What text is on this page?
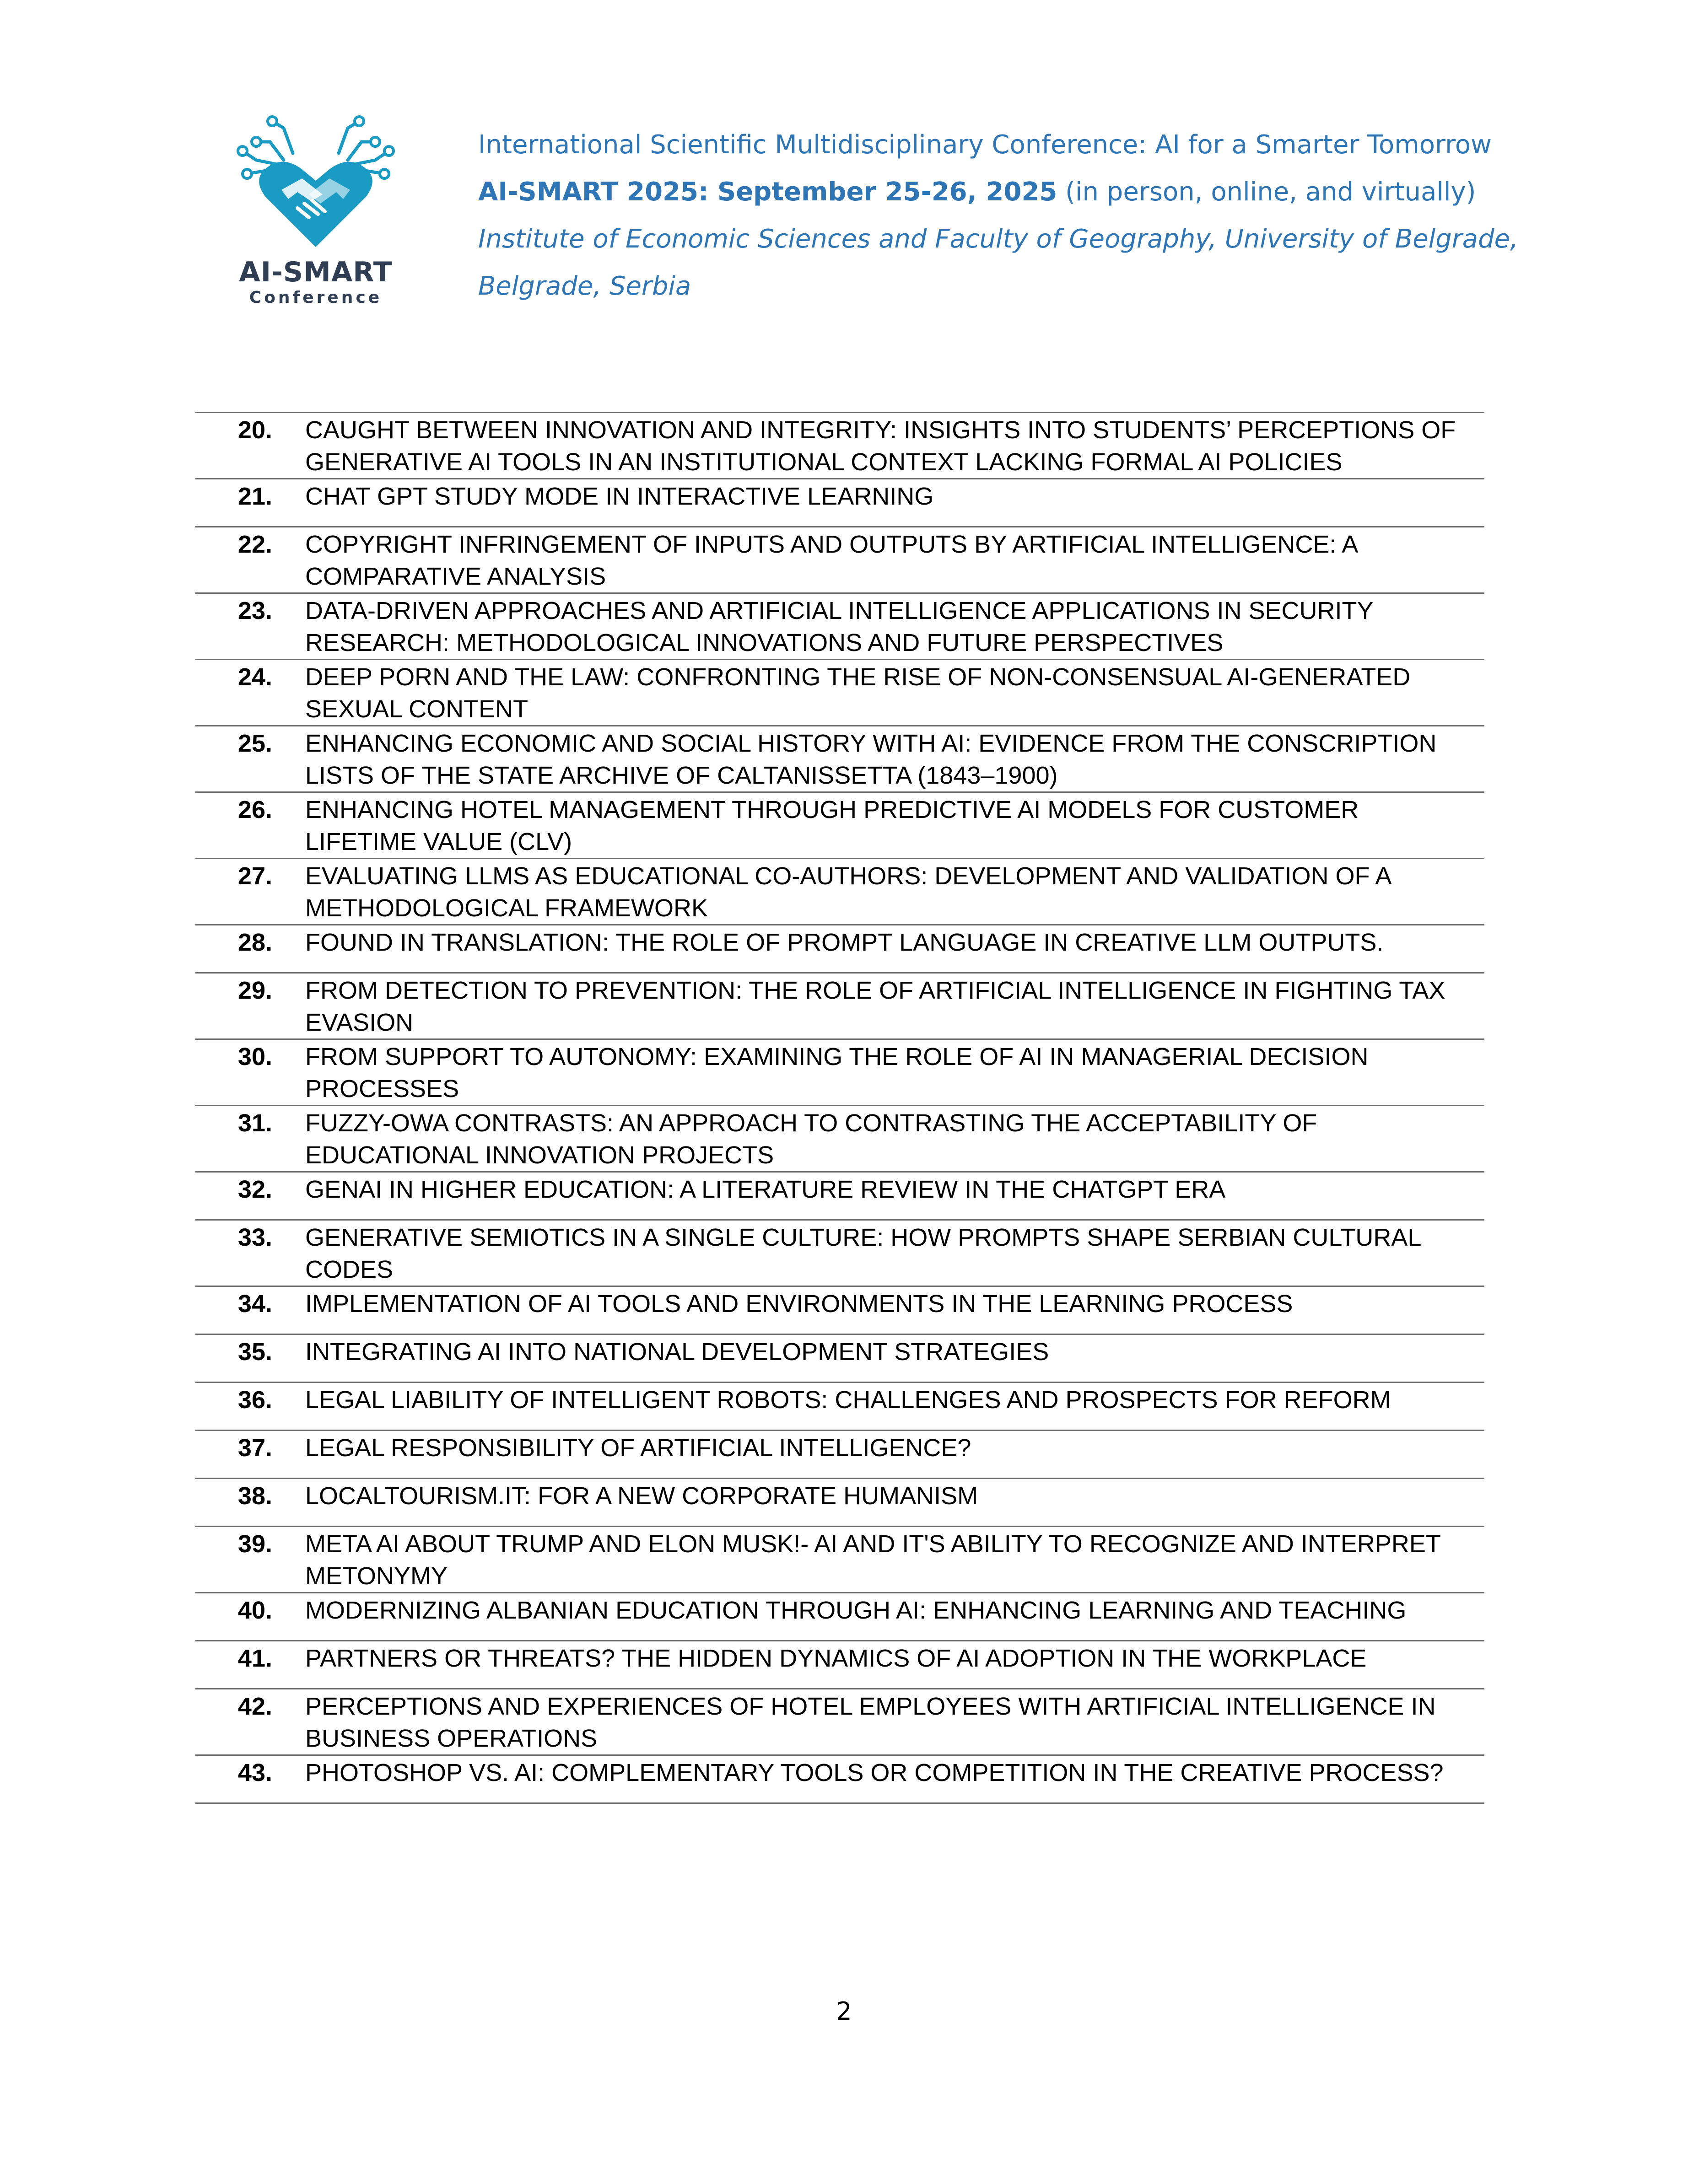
AI-SMART
Conference
International Scientific Multidisciplinary Conference: AI for a Smarter Tomorrow
AI-SMART 2025: September 25-26, 2025 (in person, online, and virtually)
Institute of Economic Sciences and Faculty of Geography, University of Belgrade,
Belgrade, Serbia
20.	CAUGHT BETWEEN INNOVATION AND INTEGRITY: INSIGHTS INTO STUDENTS’ PERCEPTIONS OF GENERATIVE AI TOOLS IN AN INSTITUTIONAL CONTEXT LACKING FORMAL AI POLICIES
21.	CHAT GPT STUDY MODE IN INTERACTIVE LEARNING
22.	COPYRIGHT INFRINGEMENT OF INPUTS AND OUTPUTS BY ARTIFICIAL INTELLIGENCE: A COMPARATIVE ANALYSIS
23.	DATA-DRIVEN APPROACHES AND ARTIFICIAL INTELLIGENCE APPLICATIONS IN SECURITY RESEARCH: METHODOLOGICAL INNOVATIONS AND FUTURE PERSPECTIVES
24.	DEEP PORN AND THE LAW: CONFRONTING THE RISE OF NON-CONSENSUAL AI-GENERATED SEXUAL CONTENT
25.	ENHANCING ECONOMIC AND SOCIAL HISTORY WITH AI: EVIDENCE FROM THE CONSCRIPTION LISTS OF THE STATE ARCHIVE OF CALTANISSETTA (1843–1900)
26.	ENHANCING HOTEL MANAGEMENT THROUGH PREDICTIVE AI MODELS FOR CUSTOMER LIFETIME VALUE (CLV)
27.	EVALUATING LLMS AS EDUCATIONAL CO-AUTHORS: DEVELOPMENT AND VALIDATION OF A METHODOLOGICAL FRAMEWORK
28.	FOUND IN TRANSLATION: THE ROLE OF PROMPT LANGUAGE IN CREATIVE LLM OUTPUTS.
29.	FROM DETECTION TO PREVENTION: THE ROLE OF ARTIFICIAL INTELLIGENCE IN FIGHTING TAX EVASION
30.	FROM SUPPORT TO AUTONOMY: EXAMINING THE ROLE OF AI IN MANAGERIAL DECISION PROCESSES
31.	FUZZY-OWA CONTRASTS: AN APPROACH TO CONTRASTING THE ACCEPTABILITY OF EDUCATIONAL INNOVATION PROJECTS
32.	GENAI IN HIGHER EDUCATION: A LITERATURE REVIEW IN THE CHATGPT ERA
33.	GENERATIVE SEMIOTICS IN A SINGLE CULTURE: HOW PROMPTS SHAPE SERBIAN CULTURAL CODES
34.	IMPLEMENTATION OF AI TOOLS AND ENVIRONMENTS IN THE LEARNING PROCESS
35.	INTEGRATING AI INTO NATIONAL DEVELOPMENT STRATEGIES
36.	LEGAL LIABILITY OF INTELLIGENT ROBOTS: CHALLENGES AND PROSPECTS FOR REFORM
37.	LEGAL RESPONSIBILITY OF ARTIFICIAL INTELLIGENCE?
38.	LOCALTOURISM.IT: FOR A NEW CORPORATE HUMANISM
39.	META AI ABOUT TRUMP AND ELON MUSK!- AI AND IT'S ABILITY TO RECOGNIZE AND INTERPRET METONYMY
40.	MODERNIZING ALBANIAN EDUCATION THROUGH AI: ENHANCING LEARNING AND TEACHING
41.	PARTNERS OR THREATS? THE HIDDEN DYNAMICS OF AI ADOPTION IN THE WORKPLACE
42.	PERCEPTIONS AND EXPERIENCES OF HOTEL EMPLOYEES WITH ARTIFICIAL INTELLIGENCE IN BUSINESS OPERATIONS
43.	PHOTOSHOP VS. AI: COMPLEMENTARY TOOLS OR COMPETITION IN THE CREATIVE PROCESS?
2
